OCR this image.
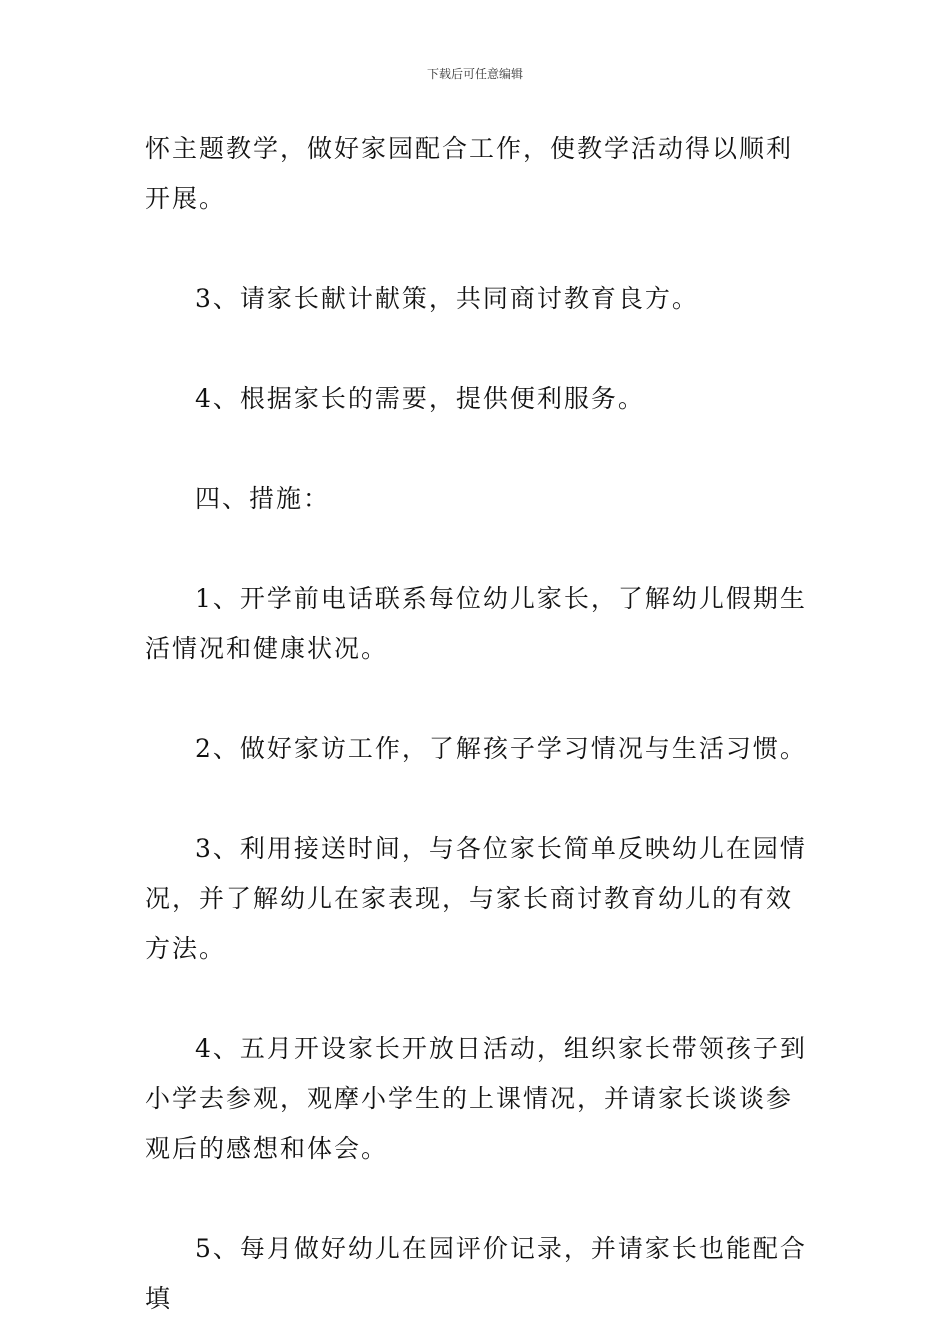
下载后可任意编辑

怀主题教学，做好家园配合工作，使教学活动得以顺利开展。

3、请家长献计献策，共同商讨教育良方。

4、根据家长的需要，提供便利服务。

四、措施：

1、开学前电话联系每位幼儿家长，了解幼儿假期生活情况和健康状况。

2、做好家访工作，了解孩子学习情况与生活习惯。

3、利用接送时间，与各位家长简单反映幼儿在园情况，并了解幼儿在家表现，与家长商讨教育幼儿的有效方法。

4、五月开设家长开放日活动，组织家长带领孩子到小学去参观，观摩小学生的上课情况，并请家长谈谈参观后的感想和体会。

5、每月做好幼儿在园评价记录，并请家长也能配合填
